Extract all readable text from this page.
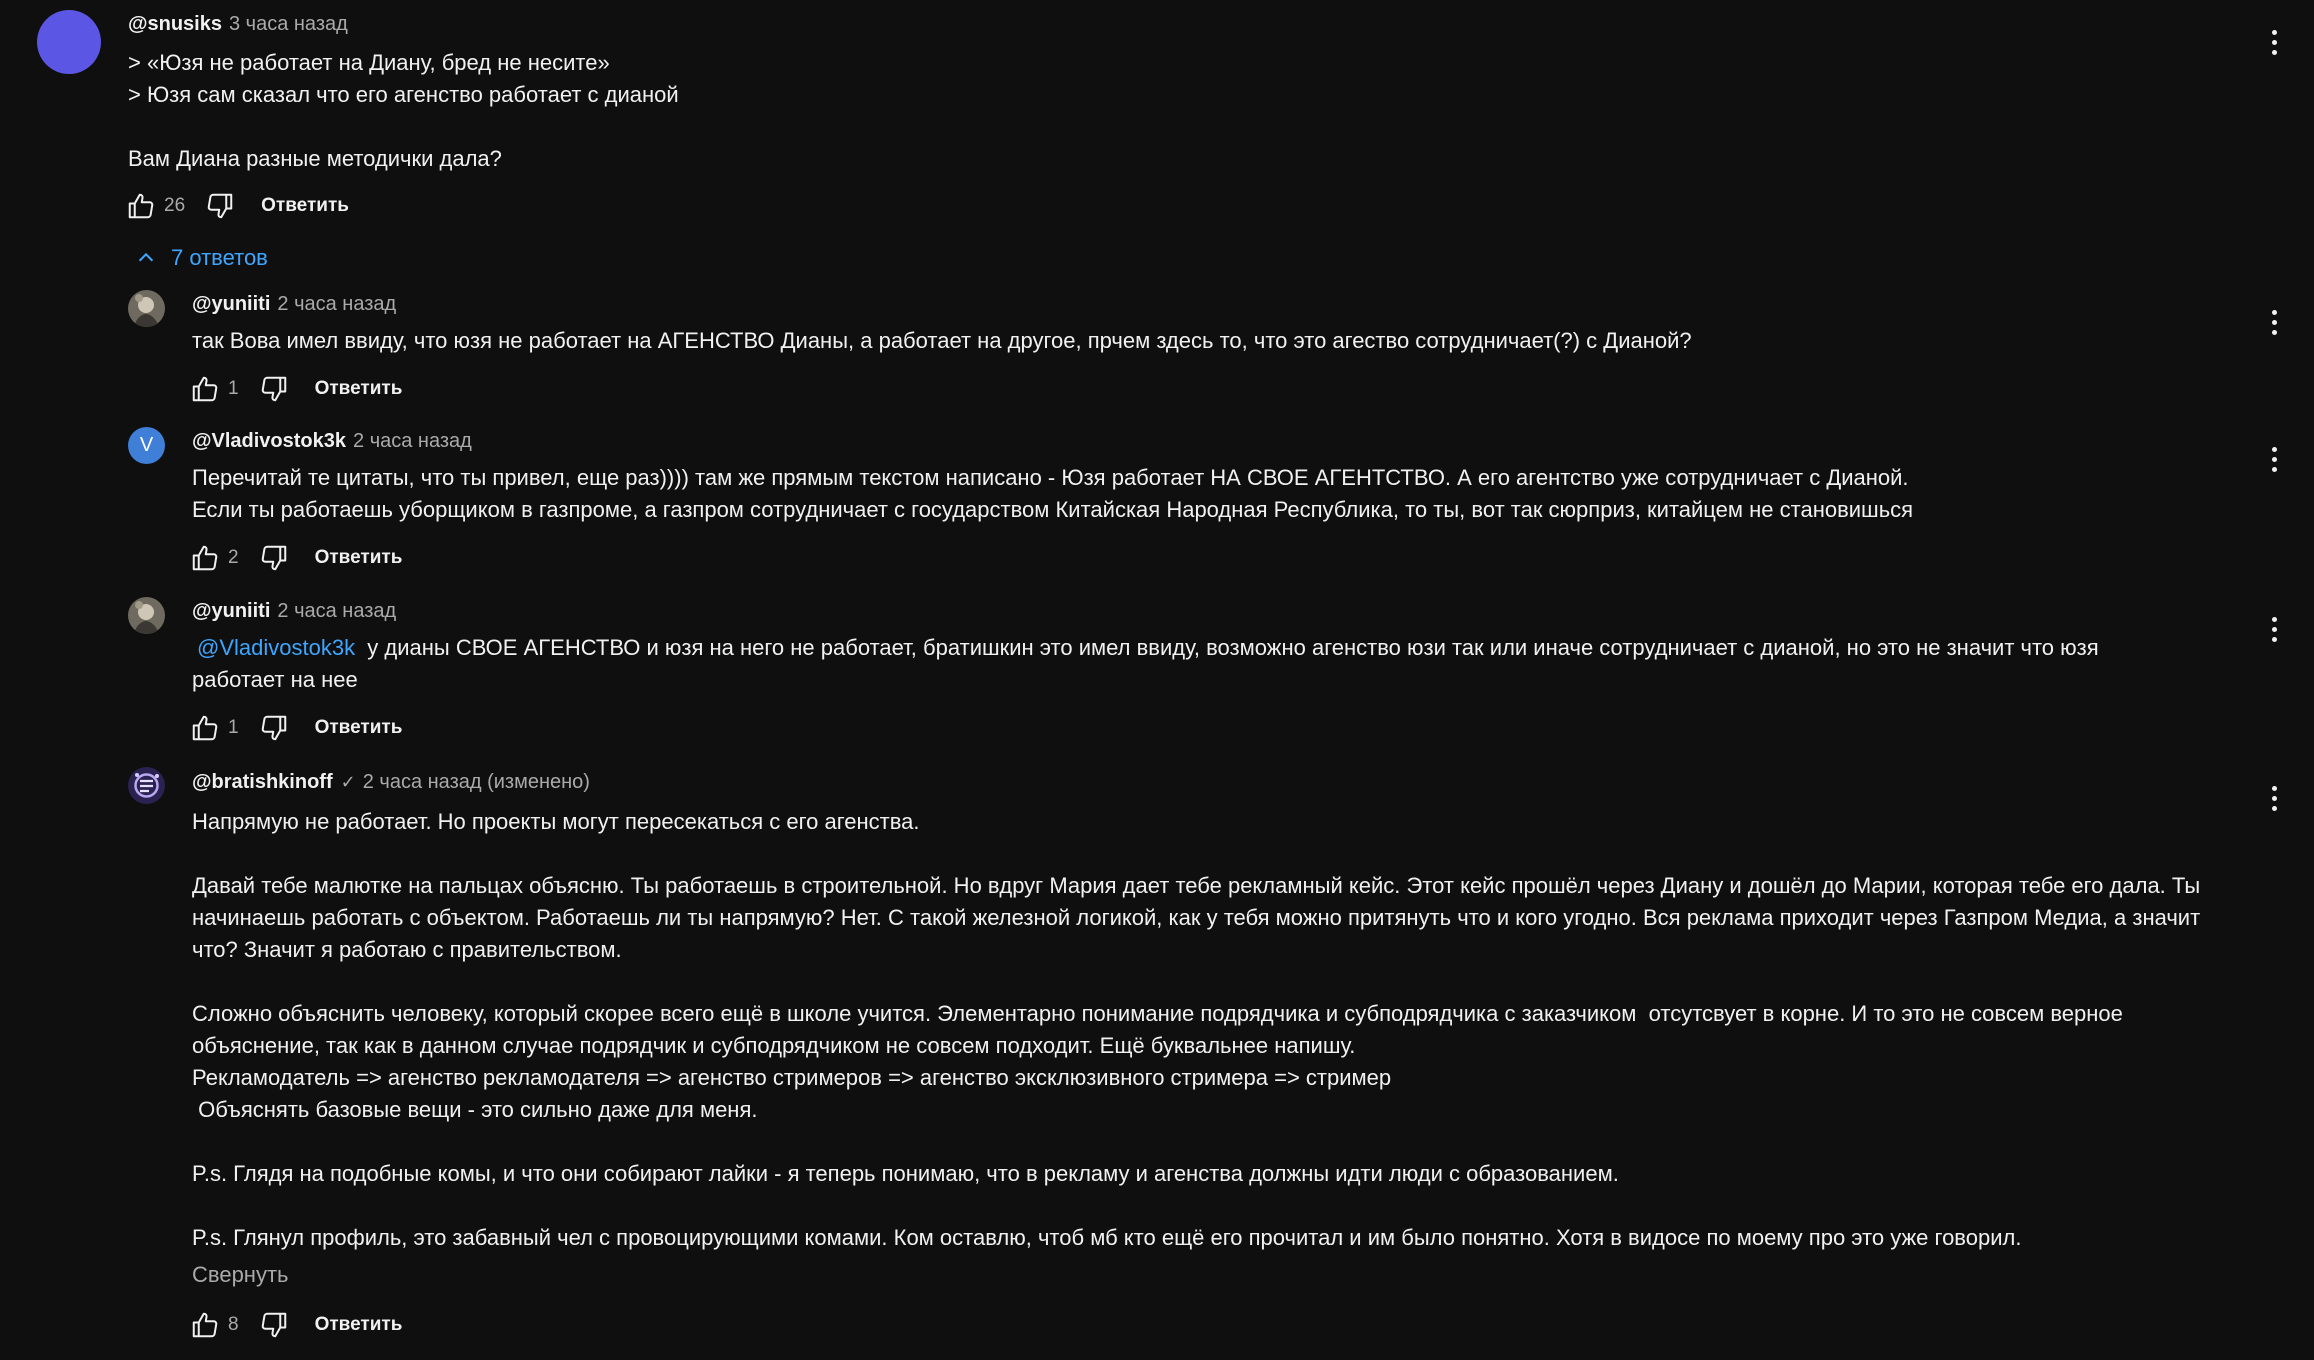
@snusiks 3 часа назад
> «Юзя не работает на Диану, бред не несите»
> Юзя сам сказал что его агенство работает с дианой

Вам Диана разные методички дала?
26	Ответить
7 ответов
@yuniiti 2 часа назад
так Вова имел ввиду, что юзя не работает на АГЕНСТВО Дианы, а работает на другое, прчем здесь то, что это агество сотрудничает(?) с Дианой?
1	Ответить
V @Vladivostok3k 2 часа назад
Перечитай те цитаты, что ты привел, еще раз)))) там же прямым текстом написано - Юзя работает НА СВОЕ АГЕНТСТВО. А его агентство уже сотрудничает с Дианой.
Если ты работаешь уборщиком в газпроме, а газпром сотрудничает с государством Китайская Народная Республика, то ты, вот так сюрприз, китайцем не становишься
2	Ответить
@yuniiti 2 часа назад
@Vladivostok3k  у дианы СВОЕ АГЕНСТВО и юзя на него не работает, братишкин это имел ввиду, возможно агенство юзи так или иначе сотрудничает с дианой, но это не значит что юзя работает на нее
1	Ответить
@bratishkinoff ✓ 2 часа назад (изменено)
Напрямую не работает. Но проекты могут пересекаться с его агенства.

Давай тебе малютке на пальцах объясню. Ты работаешь в строительной. Но вдруг Мария дает тебе рекламный кейс. Этот кейс прошёл через Диану и дошёл до Марии, которая тебе его дала. Ты начинаешь работать с объектом. Работаешь ли ты напрямую? Нет. С такой железной логикой, как у тебя можно притянуть что и кого угодно. Вся реклама приходит через Газпром Медиа, а значит что? Значит я работаю с правительством.

Сложно объяснить человеку, который скорее всего ещё в школе учится. Элементарно понимание подрядчика и субподрядчика с заказчиком  отсутсвует в корне. И то это не совсем верное объяснение, так как в данном случае подрядчик и субподрядчиком не совсем подходит. Ещё буквальнее напишу.
Рекламодатель => агенство рекламодателя => агенство стримеров => агенство эксклюзивного стримера => стример
Объяснять базовые вещи - это сильно даже для меня.

P.s. Глядя на подобные комы, и что они собирают лайки - я теперь понимаю, что в рекламу и агенства должны идти люди с образованием.

P.s. Глянул профиль, это забавный чел с провоцирующими комами. Ком оставлю, чтоб мб кто ещё его прочитал и им было понятно. Хотя в видосе по моему про это уже говорил.
Свернуть
8	Ответить
